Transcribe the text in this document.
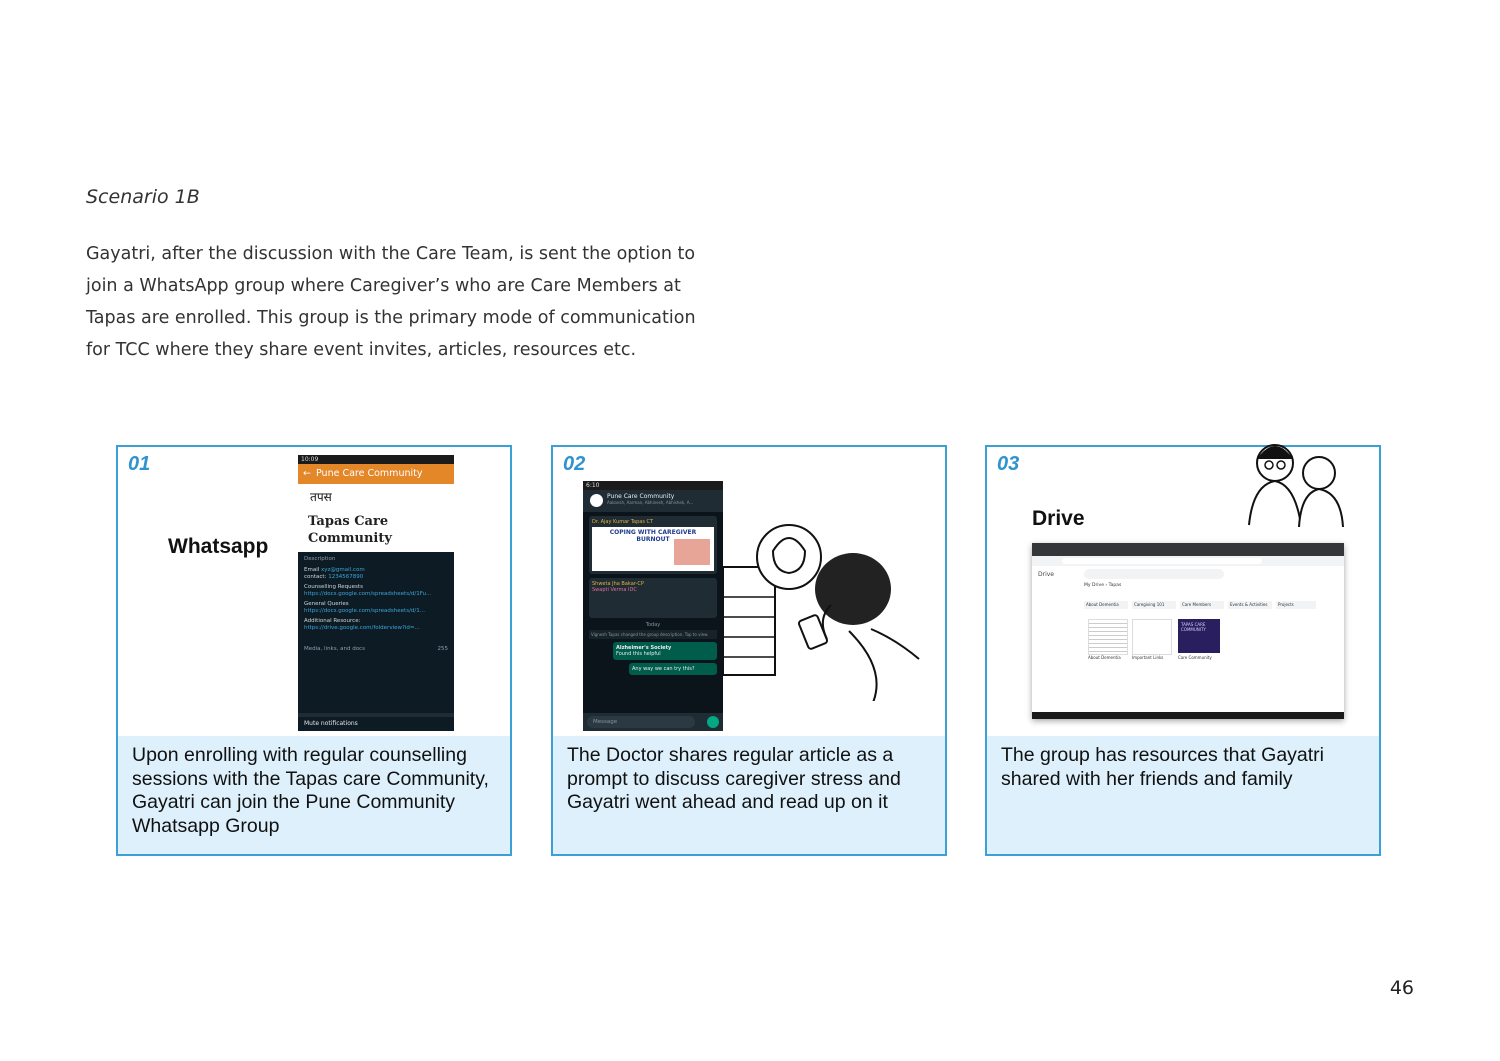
Scenario 1B

Gayatri, after the discussion with the Care Team, is sent the option to
join a WhatsApp group where Caregiver’s who are Care Members at
Tapas are enrolled. This group is the primary mode of communication
for TCC where they share event invites, articles, resources etc.

01
Whatsapp
10:09
← Pune Care Community
तपस
Tapas Care Community
Description
Email xyz@gmail.com
contact: 1234567890
Counselling Requests
https://docs.google.com/spreadsheets/d/1Fu...
General Queries
https://docs.google.com/spreadsheets/d/1...
Additional Resource:
https://drive.google.com/folderview?id=...
Media, links, and docs	255
Mute notifications
Upon enrolling with regular counselling sessions with the Tapas care Community, Gayatri can join the Pune Community Whatsapp Group
02
6:10
Pune Care Community
Aakansh, Aarman, Abhinesh, Abhishek, A...
Dr. Ajay Kumar Tapas CT
COPING WITH CAREGIVER BURNOUT
Shweta Jha Bakar-CP
Swapti Verma IDC
Today
Vignesh Tapas changed the group description. Tap to view.
Alzheimer's Society
Found this helpful
Any way we can try this?
Message
The Doctor shares regular article as a prompt to discuss caregiver stress and Gayatri went ahead and read up on it
03
Drive
Drive
My Drive › Tapas

About Dementia	Caregiving 101	Care Members	Events & Activities	Projects
TAPAS CARE COMMUNITY
About Dementia	Important Links	Care Community
The group has resources that Gayatri shared with her friends and family
46
